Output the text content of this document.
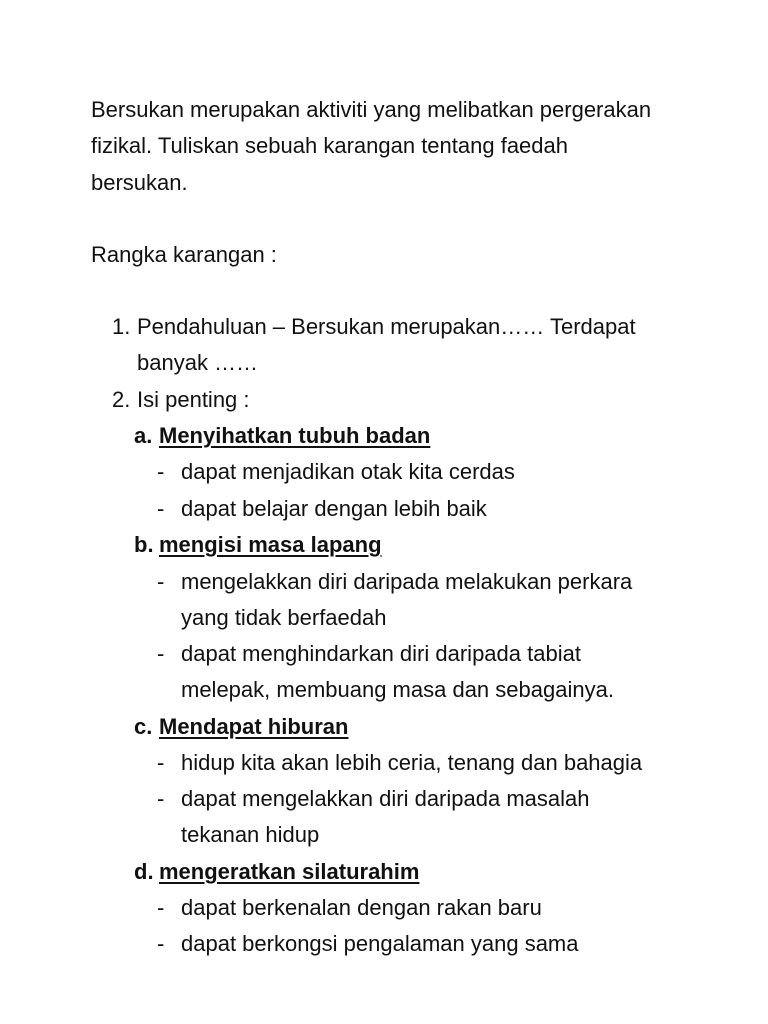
Bersukan merupakan aktiviti yang melibatkan pergerakan
fizikal. Tuliskan sebuah karangan tentang faedah
bersukan.
Rangka karangan :
1. Pendahuluan – Bersukan merupakan…… Terdapat
banyak ……
2. Isi penting :
a. Menyihatkan tubuh badan
- dapat menjadikan otak kita cerdas
- dapat belajar dengan lebih baik
b. mengisi masa lapang
- mengelakkan diri daripada melakukan perkara
yang tidak berfaedah
- dapat menghindarkan diri daripada tabiat
melepak, membuang masa dan sebagainya.
c. Mendapat hiburan
- hidup kita akan lebih ceria, tenang dan bahagia
- dapat mengelakkan diri daripada masalah
tekanan hidup
d. mengeratkan silaturahim
- dapat berkenalan dengan rakan baru
- dapat berkongsi pengalaman yang sama
